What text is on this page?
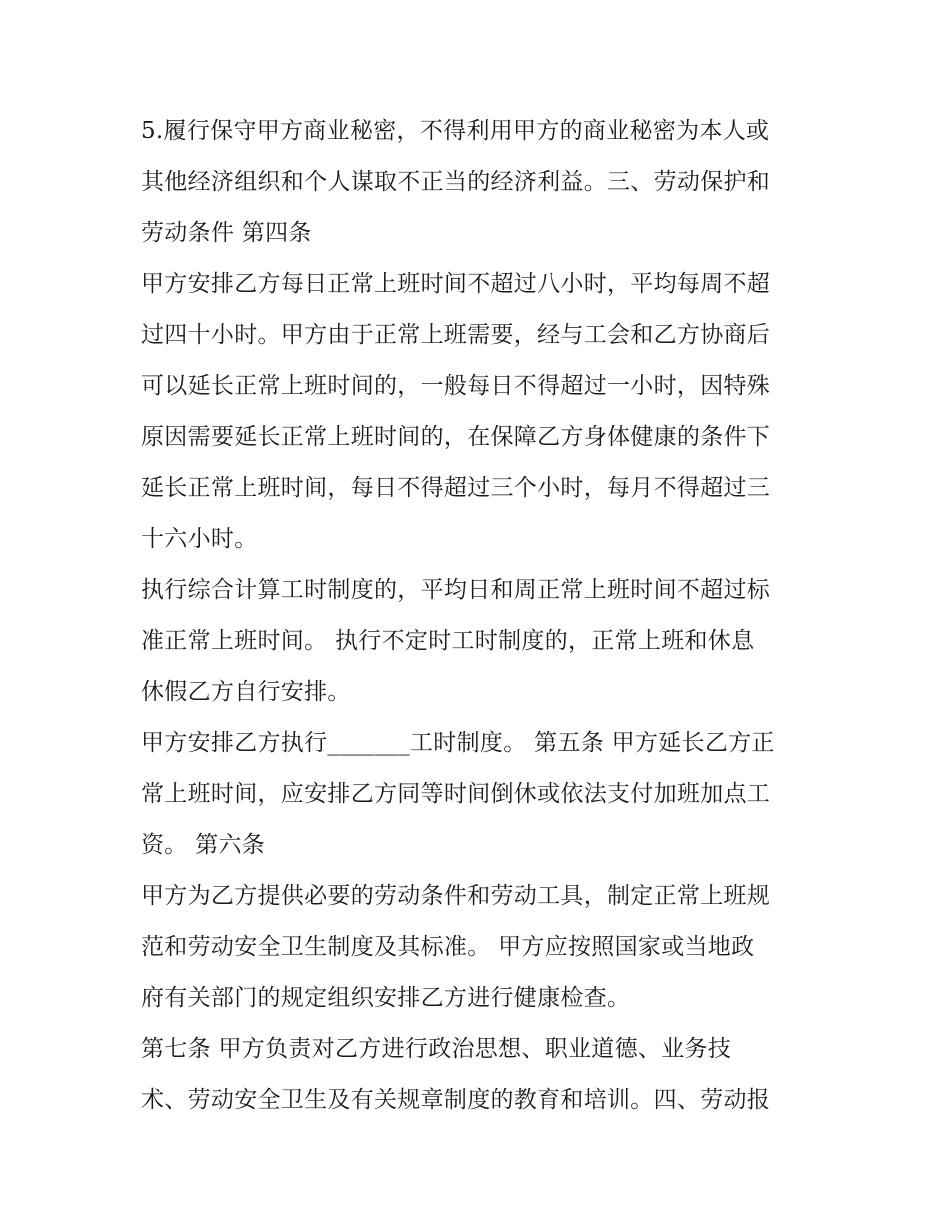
5.履行保守甲方商业秘密，不得利用甲方的商业秘密为本人或
其他经济组织和个人谋取不正当的经济利益。三、劳动保护和
劳动条件 第四条
甲方安排乙方每日正常上班时间不超过八小时，平均每周不超
过四十小时。甲方由于正常上班需要，经与工会和乙方协商后
可以延长正常上班时间的，一般每日不得超过一小时，因特殊
原因需要延长正常上班时间的，在保障乙方身体健康的条件下
延长正常上班时间，每日不得超过三个小时，每月不得超过三
十六小时。
执行综合计算工时制度的，平均日和周正常上班时间不超过标
准正常上班时间。 执行不定时工时制度的，正常上班和休息
休假乙方自行安排。
甲方安排乙方执行_______工时制度。 第五条 甲方延长乙方正
常上班时间，应安排乙方同等时间倒休或依法支付加班加点工
资。 第六条
甲方为乙方提供必要的劳动条件和劳动工具，制定正常上班规
范和劳动安全卫生制度及其标准。 甲方应按照国家或当地政
府有关部门的规定组织安排乙方进行健康检查。
第七条 甲方负责对乙方进行政治思想、职业道德、业务技
术、劳动安全卫生及有关规章制度的教育和培训。四、劳动报
